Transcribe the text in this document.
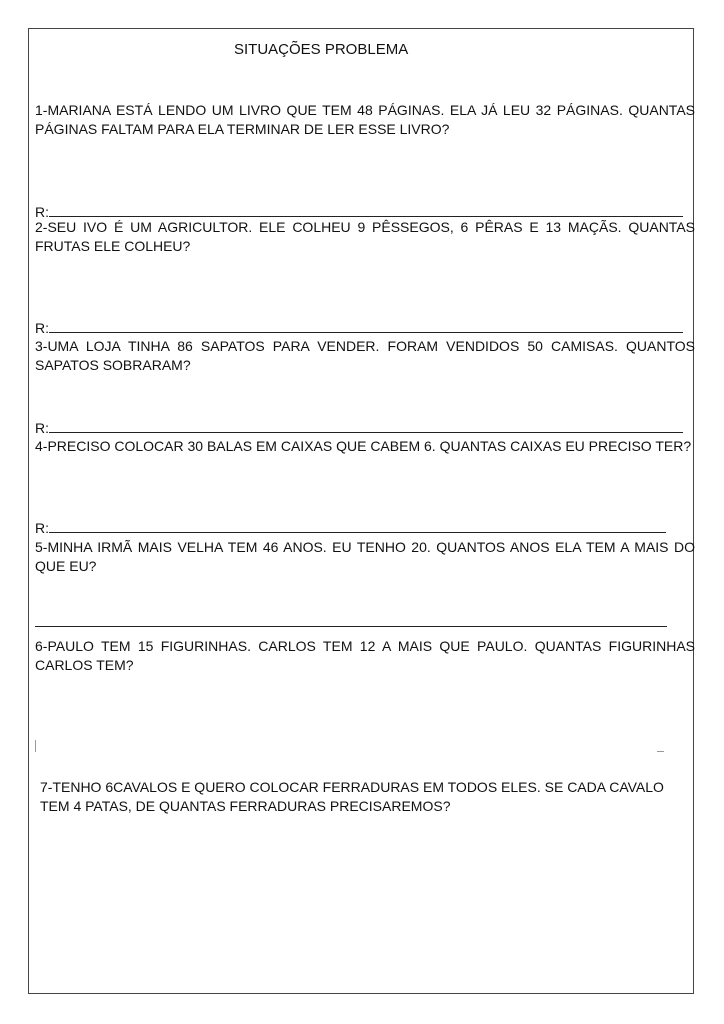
SITUAÇÕES PROBLEMA
1-MARIANA ESTÁ LENDO UM LIVRO QUE TEM 48 PÁGINAS. ELA JÁ LEU 32 PÁGINAS. QUANTAS PÁGINAS FALTAM PARA ELA TERMINAR DE LER ESSE LIVRO?
R:
2-SEU IVO É UM AGRICULTOR. ELE COLHEU 9 PÊSSEGOS, 6 PÊRAS E 13 MAÇÃS. QUANTAS FRUTAS ELE COLHEU?
R:
3-UMA LOJA TINHA 86 SAPATOS PARA VENDER. FORAM VENDIDOS 50 CAMISAS. QUANTOS SAPATOS SOBRARAM?
R:
4-PRECISO COLOCAR 30 BALAS EM CAIXAS QUE CABEM 6. QUANTAS CAIXAS EU PRECISO TER?
R:
5-MINHA IRMÃ MAIS VELHA TEM 46 ANOS. EU TENHO 20. QUANTOS ANOS ELA TEM A MAIS DO QUE EU?
6-PAULO TEM 15 FIGURINHAS. CARLOS TEM 12 A MAIS QUE PAULO. QUANTAS FIGURINHAS CARLOS TEM?
7-TENHO 6CAVALOS E QUERO COLOCAR FERRADURAS EM TODOS ELES. SE CADA CAVALO TEM 4 PATAS, DE QUANTAS FERRADURAS PRECISAREMOS?
